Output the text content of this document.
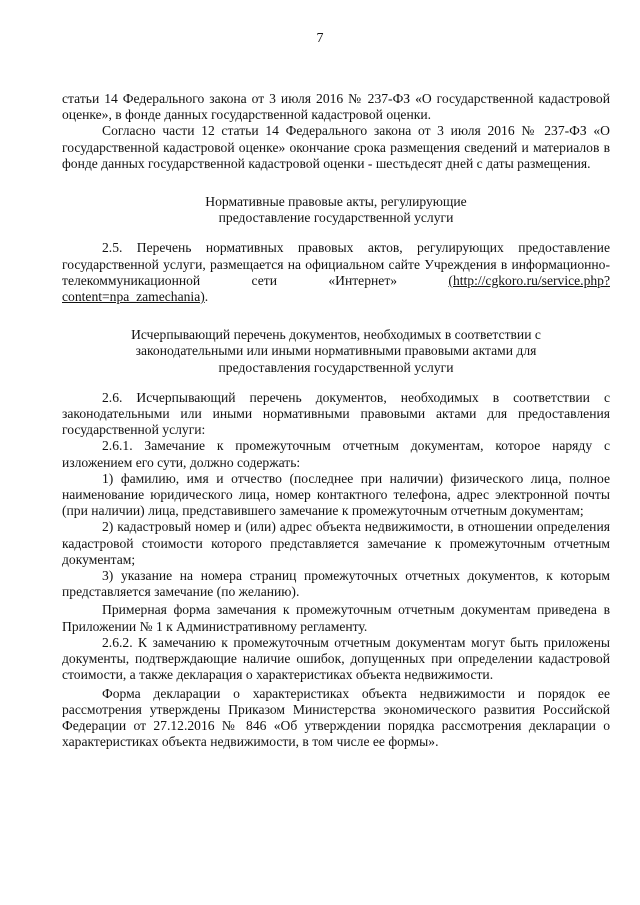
7

статьи 14 Федерального закона от 3 июля 2016 № 237-ФЗ «О государственной кадастровой оценке», в фонде данных государственной кадастровой оценки.

Согласно части 12 статьи 14 Федерального закона от 3 июля 2016 № 237-ФЗ «О государственной кадастровой оценке» окончание срока размещения сведений и материалов в фонде данных государственной кадастровой оценки - шестьдесят дней с даты размещения.

Нормативные правовые акты, регулирующие предоставление государственной услуги

2.5. Перечень нормативных правовых актов, регулирующих предоставление государственной услуги, размещается на официальном сайте Учреждения в информационно-телекоммуникационной сети «Интернет» (http://cgkoro.ru/service.php?content=npa_zamechania).

Исчерпывающий перечень документов, необходимых в соответствии с законодательными или иными нормативными правовыми актами для предоставления государственной услуги

2.6. Исчерпывающий перечень документов, необходимых в соответствии с законодательными или иными нормативными правовыми актами для предоставления государственной услуги:

2.6.1. Замечание к промежуточным отчетным документам, которое наряду с изложением его сути, должно содержать:

1) фамилию, имя и отчество (последнее при наличии) физического лица, полное наименование юридического лица, номер контактного телефона, адрес электронной почты (при наличии) лица, представившего замечание к промежуточным отчетным документам;

2) кадастровый номер и (или) адрес объекта недвижимости, в отношении определения кадастровой стоимости которого представляется замечание к промежуточным отчетным документам;

3) указание на номера страниц промежуточных отчетных документов, к которым представляется замечание (по желанию).

Примерная форма замечания к промежуточным отчетным документам приведена в Приложении № 1 к Административному регламенту.

2.6.2. К замечанию к промежуточным отчетным документам могут быть приложены документы, подтверждающие наличие ошибок, допущенных при определении кадастровой стоимости, а также декларация о характеристиках объекта недвижимости.

Форма декларации о характеристиках объекта недвижимости и порядок ее рассмотрения утверждены Приказом Министерства экономического развития Российской Федерации от 27.12.2016 № 846 «Об утверждении порядка рассмотрения декларации о характеристиках объекта недвижимости, в том числе ее формы».
